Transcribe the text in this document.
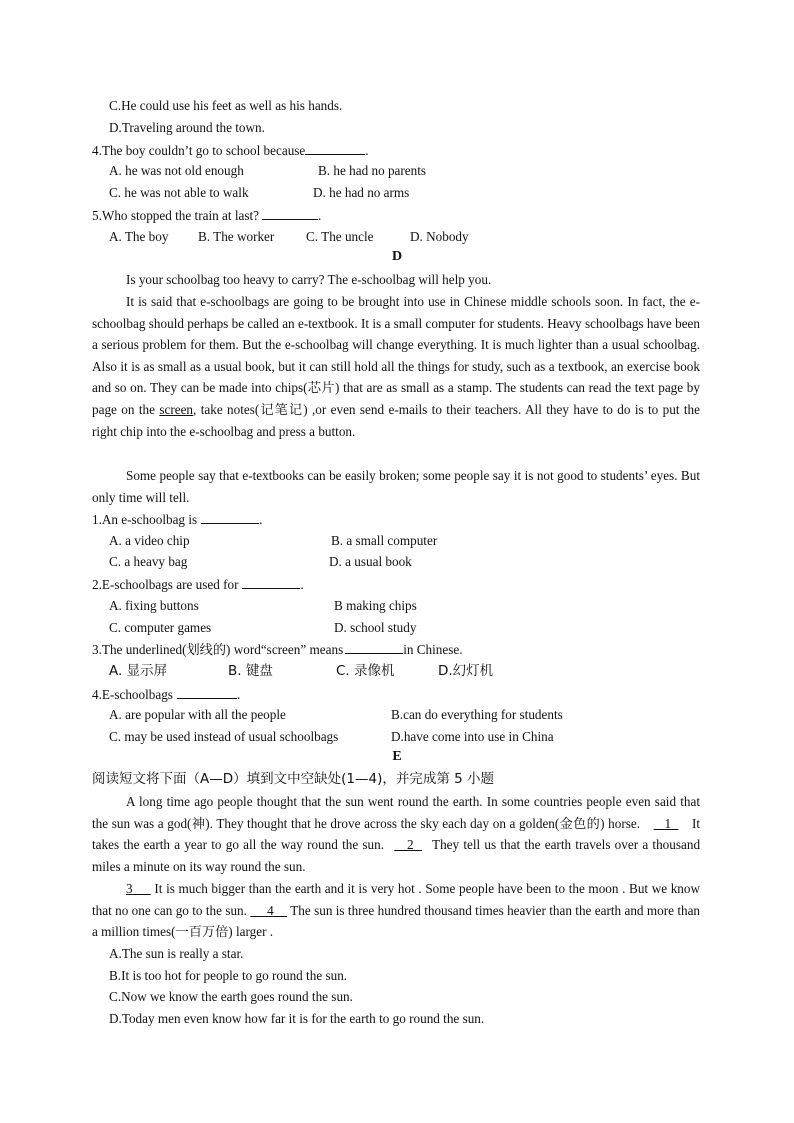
C.He could use his feet as well as his hands.
D.Traveling around the town.
4.The boy couldn’t go to school because	.
A. he was not old enough	B. he had no parents
C. he was not able to walk	D. he had no arms
5.Who stopped the train at last?	.
A. The boy B. The worker C. The uncle	D. Nobody
D
Is your schoolbag too heavy to carry? The e-schoolbag will help you.
It is said that e-schoolbags are going to be brought into use in Chinese middle schools soon. In fact, the e-schoolbag should perhaps be called an e-textbook. It is a small computer for students. Heavy schoolbags have been a serious problem for them. But the e-schoolbag will change everything. It is much lighter than a usual schoolbag. Also it is as small as a usual book, but it can still hold all the things for study, such as a textbook, an exercise book and so on. They can be made into chips(芯片) that are as small as a stamp. The students can read the text page by page on the screen, take notes(记笔记) ,or even send e-mails to their teachers. All they have to do is to put the right chip into the e-schoolbag and press a button.
Some people say that e-textbooks can be easily broken; some people say it is not good to students’ eyes. But only time will tell.
1.An e-schoolbag is	.
A. a video chip	B. a small computer
C. a heavy bag	D. a usual book
2.E-schoolbags are used for	.
A. fixing buttons	B making chips
C. computer games	D. school study
3.The underlined(划线的) word“screen” means	in Chinese.
A. 显示屏	B. 键盘	C. 录像机	D.幻灯机
4.E-schoolbags	.
A. are popular with all the people	B.can do everything for students
C. may be used instead of usual schoolbags	D.have come into use in China
E
阅读短文将下面（A—D）填到文中空缺处(1—4)，并完成第 5 小题
A long time ago people thought that the sun went round the earth. In some countries people even said that the sun was a god(神). They thought that he drove across the sky each day on a golden(金色的) horse. 1 It takes the earth a year to go all the way round the sun. 2 They tell us that the earth travels over a thousand miles a minute on its way round the sun.
3 It is much bigger than the earth and it is very hot . Some people have been to the moon . But we know that no one can go to the sun. 4 The sun is three hundred thousand times heavier than the earth and more than a million times(一百万倍) larger .
A.The sun is really a star.
B.It is too hot for people to go round the sun.
C.Now we know the earth goes round the sun.
D.Today men even know how far it is for the earth to go round the sun.
